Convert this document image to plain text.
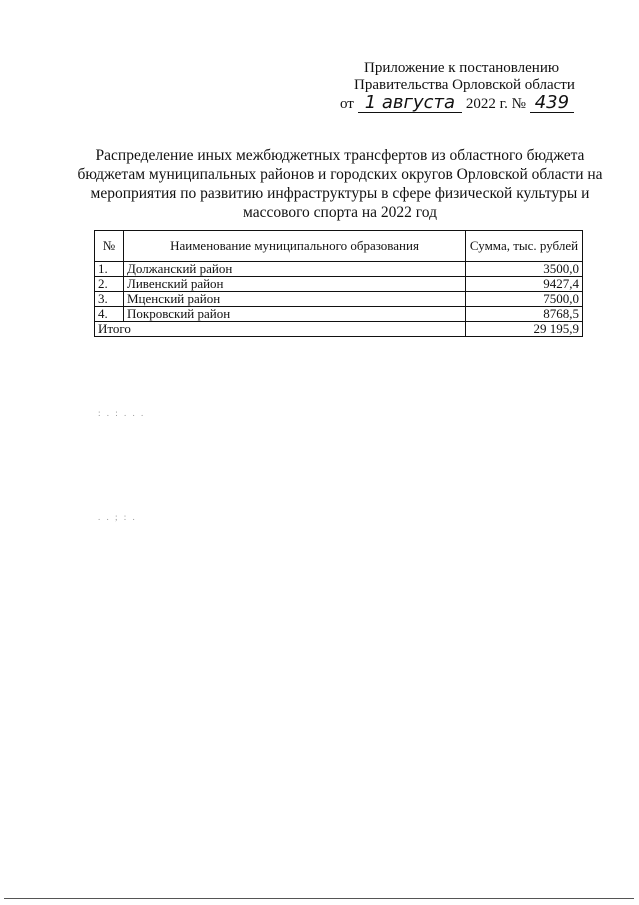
Приложение к постановлению
Правительства Орловской области
от 1 августа 2022 г. № 439
Распределение иных межбюджетных трансфертов из областного бюджета бюджетам муниципальных районов и городских округов Орловской области на мероприятия по развитию инфраструктуры в сфере физической культуры и массового спорта на 2022 год
№	Наименование муниципального образования	Сумма, тыс. рублей
1.	Должанский район	3500,0
2.	Ливенский район	9427,4
3.	Мценский район	7500,0
4.	Покровский район	8768,5
Итого		29 195,9
: . : . . .
. . ; : .
